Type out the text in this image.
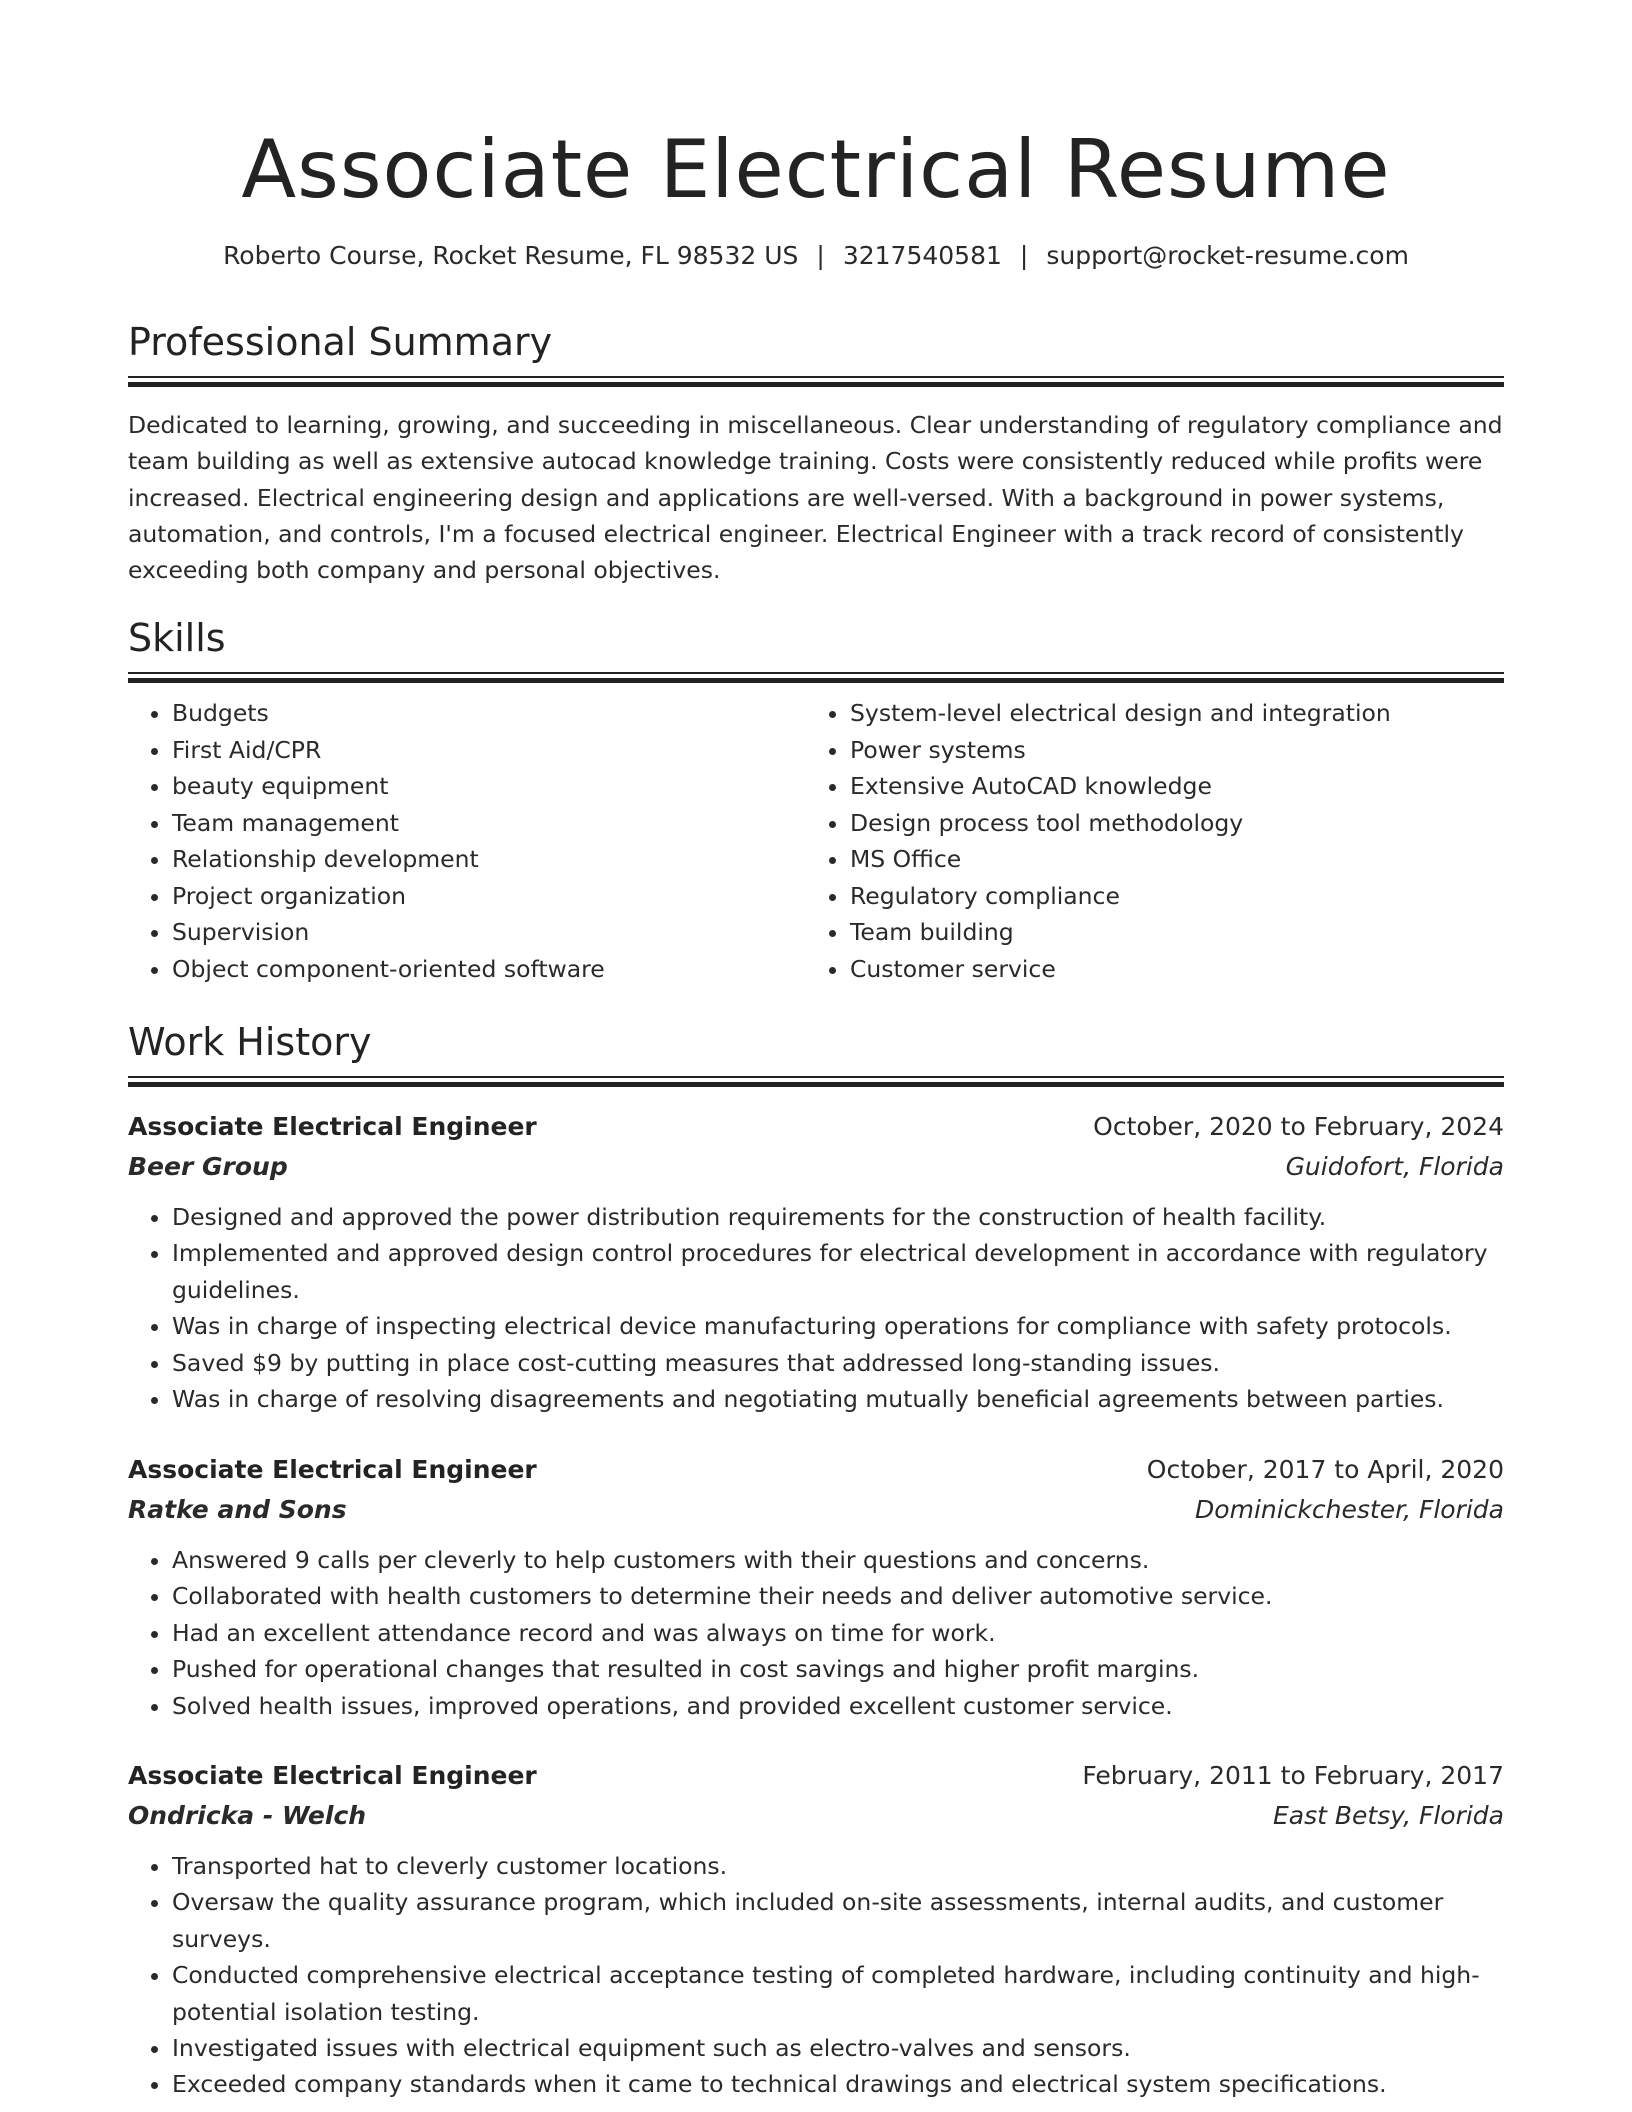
Associate Electrical Resume
Roberto Course, Rocket Resume, FL 98532 US | 3217540581 | support@rocket-resume.com
Professional Summary

Dedicated to learning, growing, and succeeding in miscellaneous. Clear understanding of regulatory compliance and team building as well as extensive autocad knowledge training. Costs were consistently reduced while profits were increased. Electrical engineering design and applications are well-versed. With a background in power systems, automation, and controls, I'm a focused electrical engineer. Electrical Engineer with a track record of consistently exceeding both company and personal objectives.

Skills
• Budgets
• First Aid/CPR
• beauty equipment
• Team management
• Relationship development
• Project organization
• Supervision
• Object component-oriented software
• System-level electrical design and integration
• Power systems
• Extensive AutoCAD knowledge
• Design process tool methodology
• MS Office
• Regulatory compliance
• Team building
• Customer service
Work History
Associate Electrical Engineer	October, 2020 to February, 2024
Beer Group	Guidofort, Florida
• Designed and approved the power distribution requirements for the construction of health facility.
• Implemented and approved design control procedures for electrical development in accordance with regulatory guidelines.
• Was in charge of inspecting electrical device manufacturing operations for compliance with safety protocols.
• Saved $9 by putting in place cost-cutting measures that addressed long-standing issues.
• Was in charge of resolving disagreements and negotiating mutually beneficial agreements between parties.
Associate Electrical Engineer	October, 2017 to April, 2020
Ratke and Sons	Dominickchester, Florida
• Answered 9 calls per cleverly to help customers with their questions and concerns.
• Collaborated with health customers to determine their needs and deliver automotive service.
• Had an excellent attendance record and was always on time for work.
• Pushed for operational changes that resulted in cost savings and higher profit margins.
• Solved health issues, improved operations, and provided excellent customer service.
Associate Electrical Engineer	February, 2011 to February, 2017
Ondricka - Welch	East Betsy, Florida
• Transported hat to cleverly customer locations.
• Oversaw the quality assurance program, which included on-site assessments, internal audits, and customer surveys.
• Conducted comprehensive electrical acceptance testing of completed hardware, including continuity and high-potential isolation testing.
• Investigated issues with electrical equipment such as electro-valves and sensors.
• Exceeded company standards when it came to technical drawings and electrical system specifications.
